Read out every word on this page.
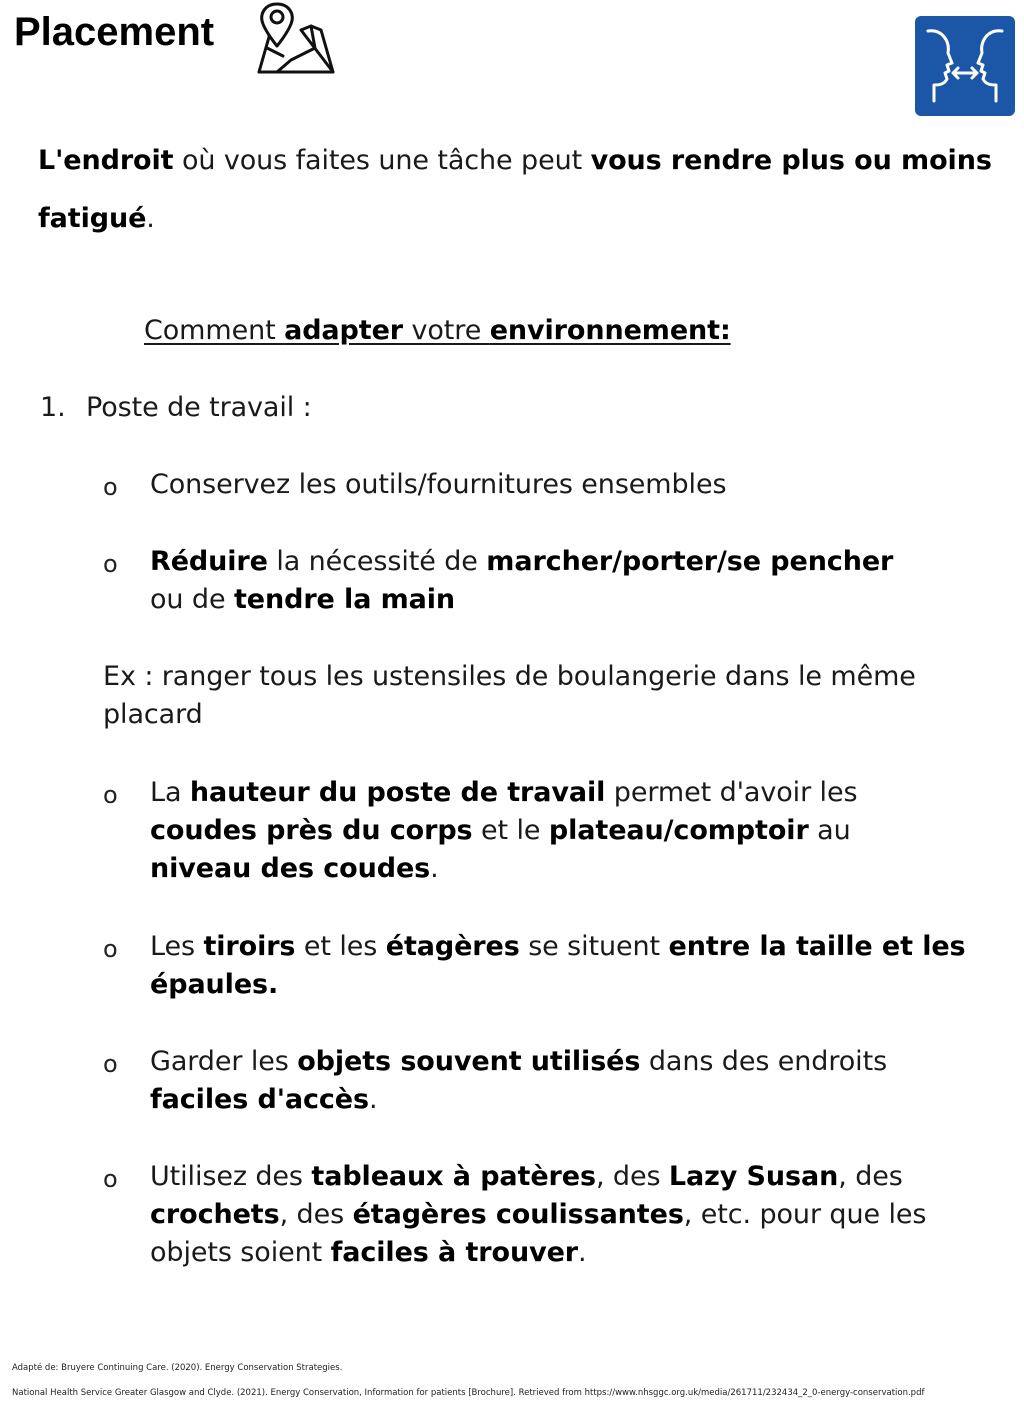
Placement
L'endroit où vous faites une tâche peut vous rendre plus ou moins fatigué.
Comment adapter votre environnement:
1. Poste de travail :
o Conservez les outils/fournitures ensembles
o Réduire la nécessité de marcher/porter/se pencher
ou de tendre la main
Ex : ranger tous les ustensiles de boulangerie dans le même placard
o La hauteur du poste de travail permet d'avoir les
coudes près du corps et le plateau/comptoir au
niveau des coudes.
o Les tiroirs et les étagères se situent entre la taille et les épaules.
o Garder les objets souvent utilisés dans des endroits
faciles d'accès.
o Utilisez des tableaux à patères, des Lazy Susan, des
crochets, des étagères coulissantes, etc. pour que les objets soient faciles à trouver.
Adapté de: Bruyere Continuing Care. (2020). Energy Conservation Strategies.
National Health Service Greater Glasgow and Clyde. (2021). Energy Conservation, Information for patients [Brochure]. Retrieved from https://www.nhsggc.org.uk/media/261711/232434_2_0-energy-conservation.pdf
